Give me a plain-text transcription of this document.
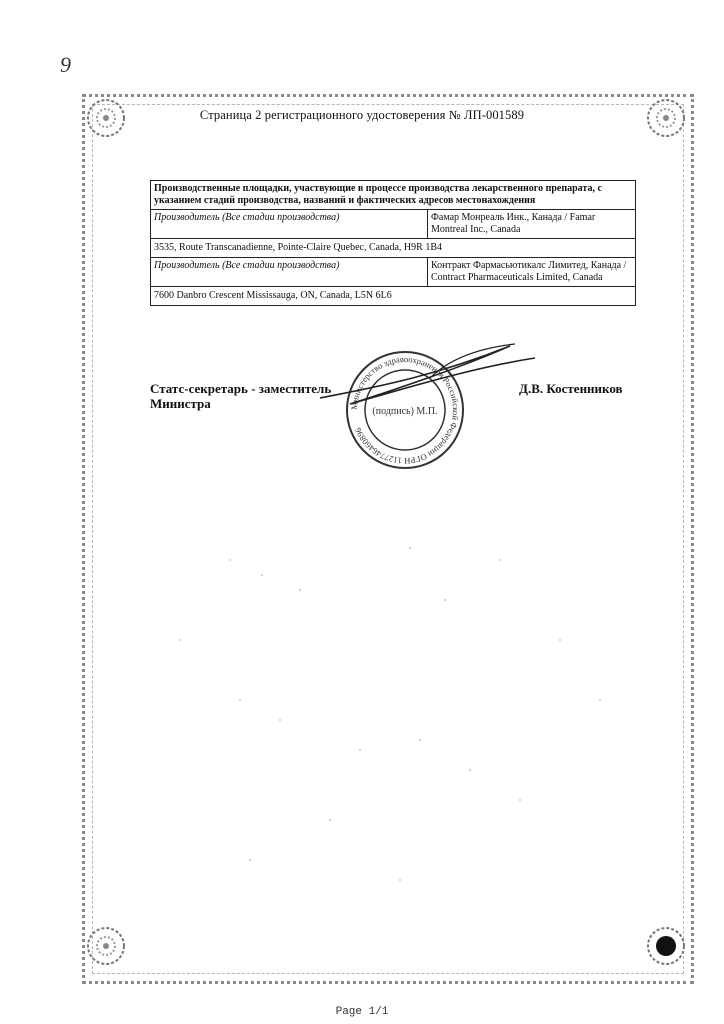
9
Страница 2 регистрационного удостоверения № ЛП-001589
Производственные площадки, участвующие в процессе производства лекарственного препарата, с указанием стадий производства, названий и фактических адресов местонахождения	
Производитель (Все стадии производства)	Фамар Монреаль Инк., Канада / Famar Montreal Inc., Canada
3535, Route Transcanadienne, Pointe-Claire Quebec, Canada, H9R 1B4	
Производитель (Все стадии производства)	Контракт Фармасьютикалс Лимитед, Канада / Contract Pharmaceuticals Limited, Canada
7600 Danbro Crescent Mississauga, ON, Canada, L5N 6L6	
Министерство здравоохранения Российской Федерации ОГРН 1127746460896
(подпись) М.П.
Статс-секретарь - заместитель Министра
Д.В. Костенников
Page 1/1
